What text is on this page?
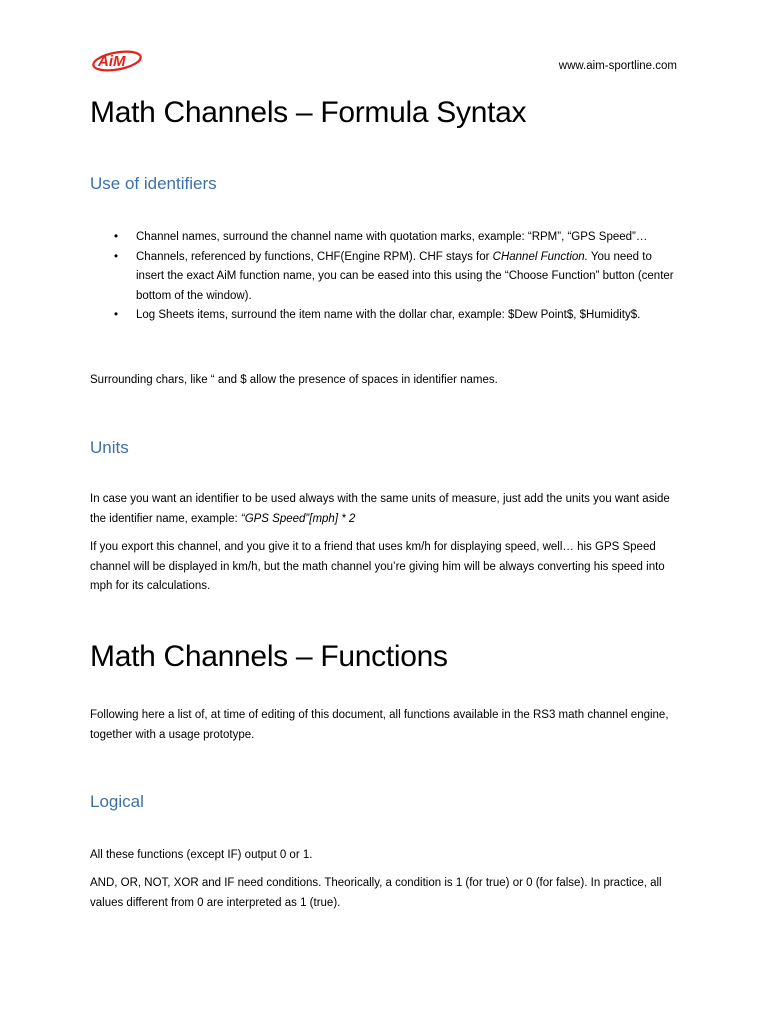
AiM	www.aim-sportline.com
Math Channels – Formula Syntax
Use of identifiers
• Channel names, surround the channel name with quotation marks, example: “RPM”, “GPS Speed”…
• Channels, referenced by functions, CHF(Engine RPM). CHF stays for CHannel Function. You need to insert the exact AiM function name, you can be eased into this using the “Choose Function” button (center bottom of the window).
• Log Sheets items, surround the item name with the dollar char, example: $Dew Point$, $Humidity$.

Surrounding chars, like “ and $ allow the presence of spaces in identifier names.

Units

In case you want an identifier to be used always with the same units of measure, just add the units you want aside the identifier name, example: “GPS Speed”[mph] * 2

If you export this channel, and you give it to a friend that uses km/h for displaying speed, well… his GPS Speed channel will be displayed in km/h, but the math channel you’re giving him will be always converting his speed into mph for its calculations.

Math Channels – Functions

Following here a list of, at time of editing of this document, all functions available in the RS3 math channel engine, together with a usage prototype.

Logical

All these functions (except IF) output 0 or 1.

AND, OR, NOT, XOR and IF need conditions. Theorically, a condition is 1 (for true) or 0 (for false). In practice, all values different from 0 are interpreted as 1 (true).
